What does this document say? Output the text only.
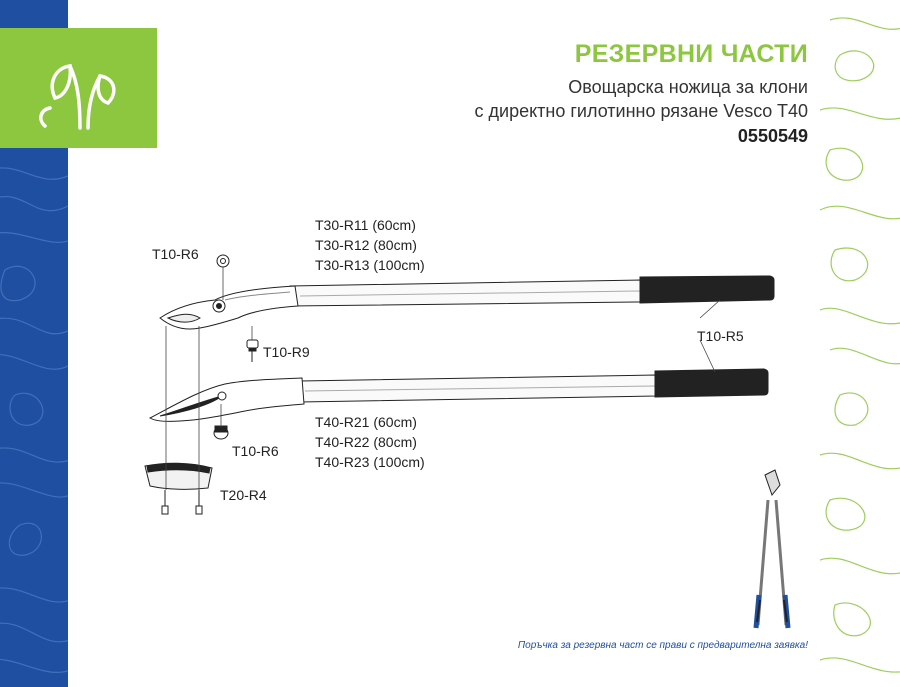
РЕЗЕРВНИ ЧАСТИ
Овощарска ножица за клони
с директно гилотинно рязане Vesco T40
0550549
T30-R11 (60cm)
T30-R12 (80cm)
T30-R13 (100cm)
T10-R6
T10-R9
T10-R5
T40-R21 (60cm)
T40-R22 (80cm)
T40-R23 (100cm)
T10-R6
T20-R4
Поръчка за резервна част се прави с предварителна заявка!
